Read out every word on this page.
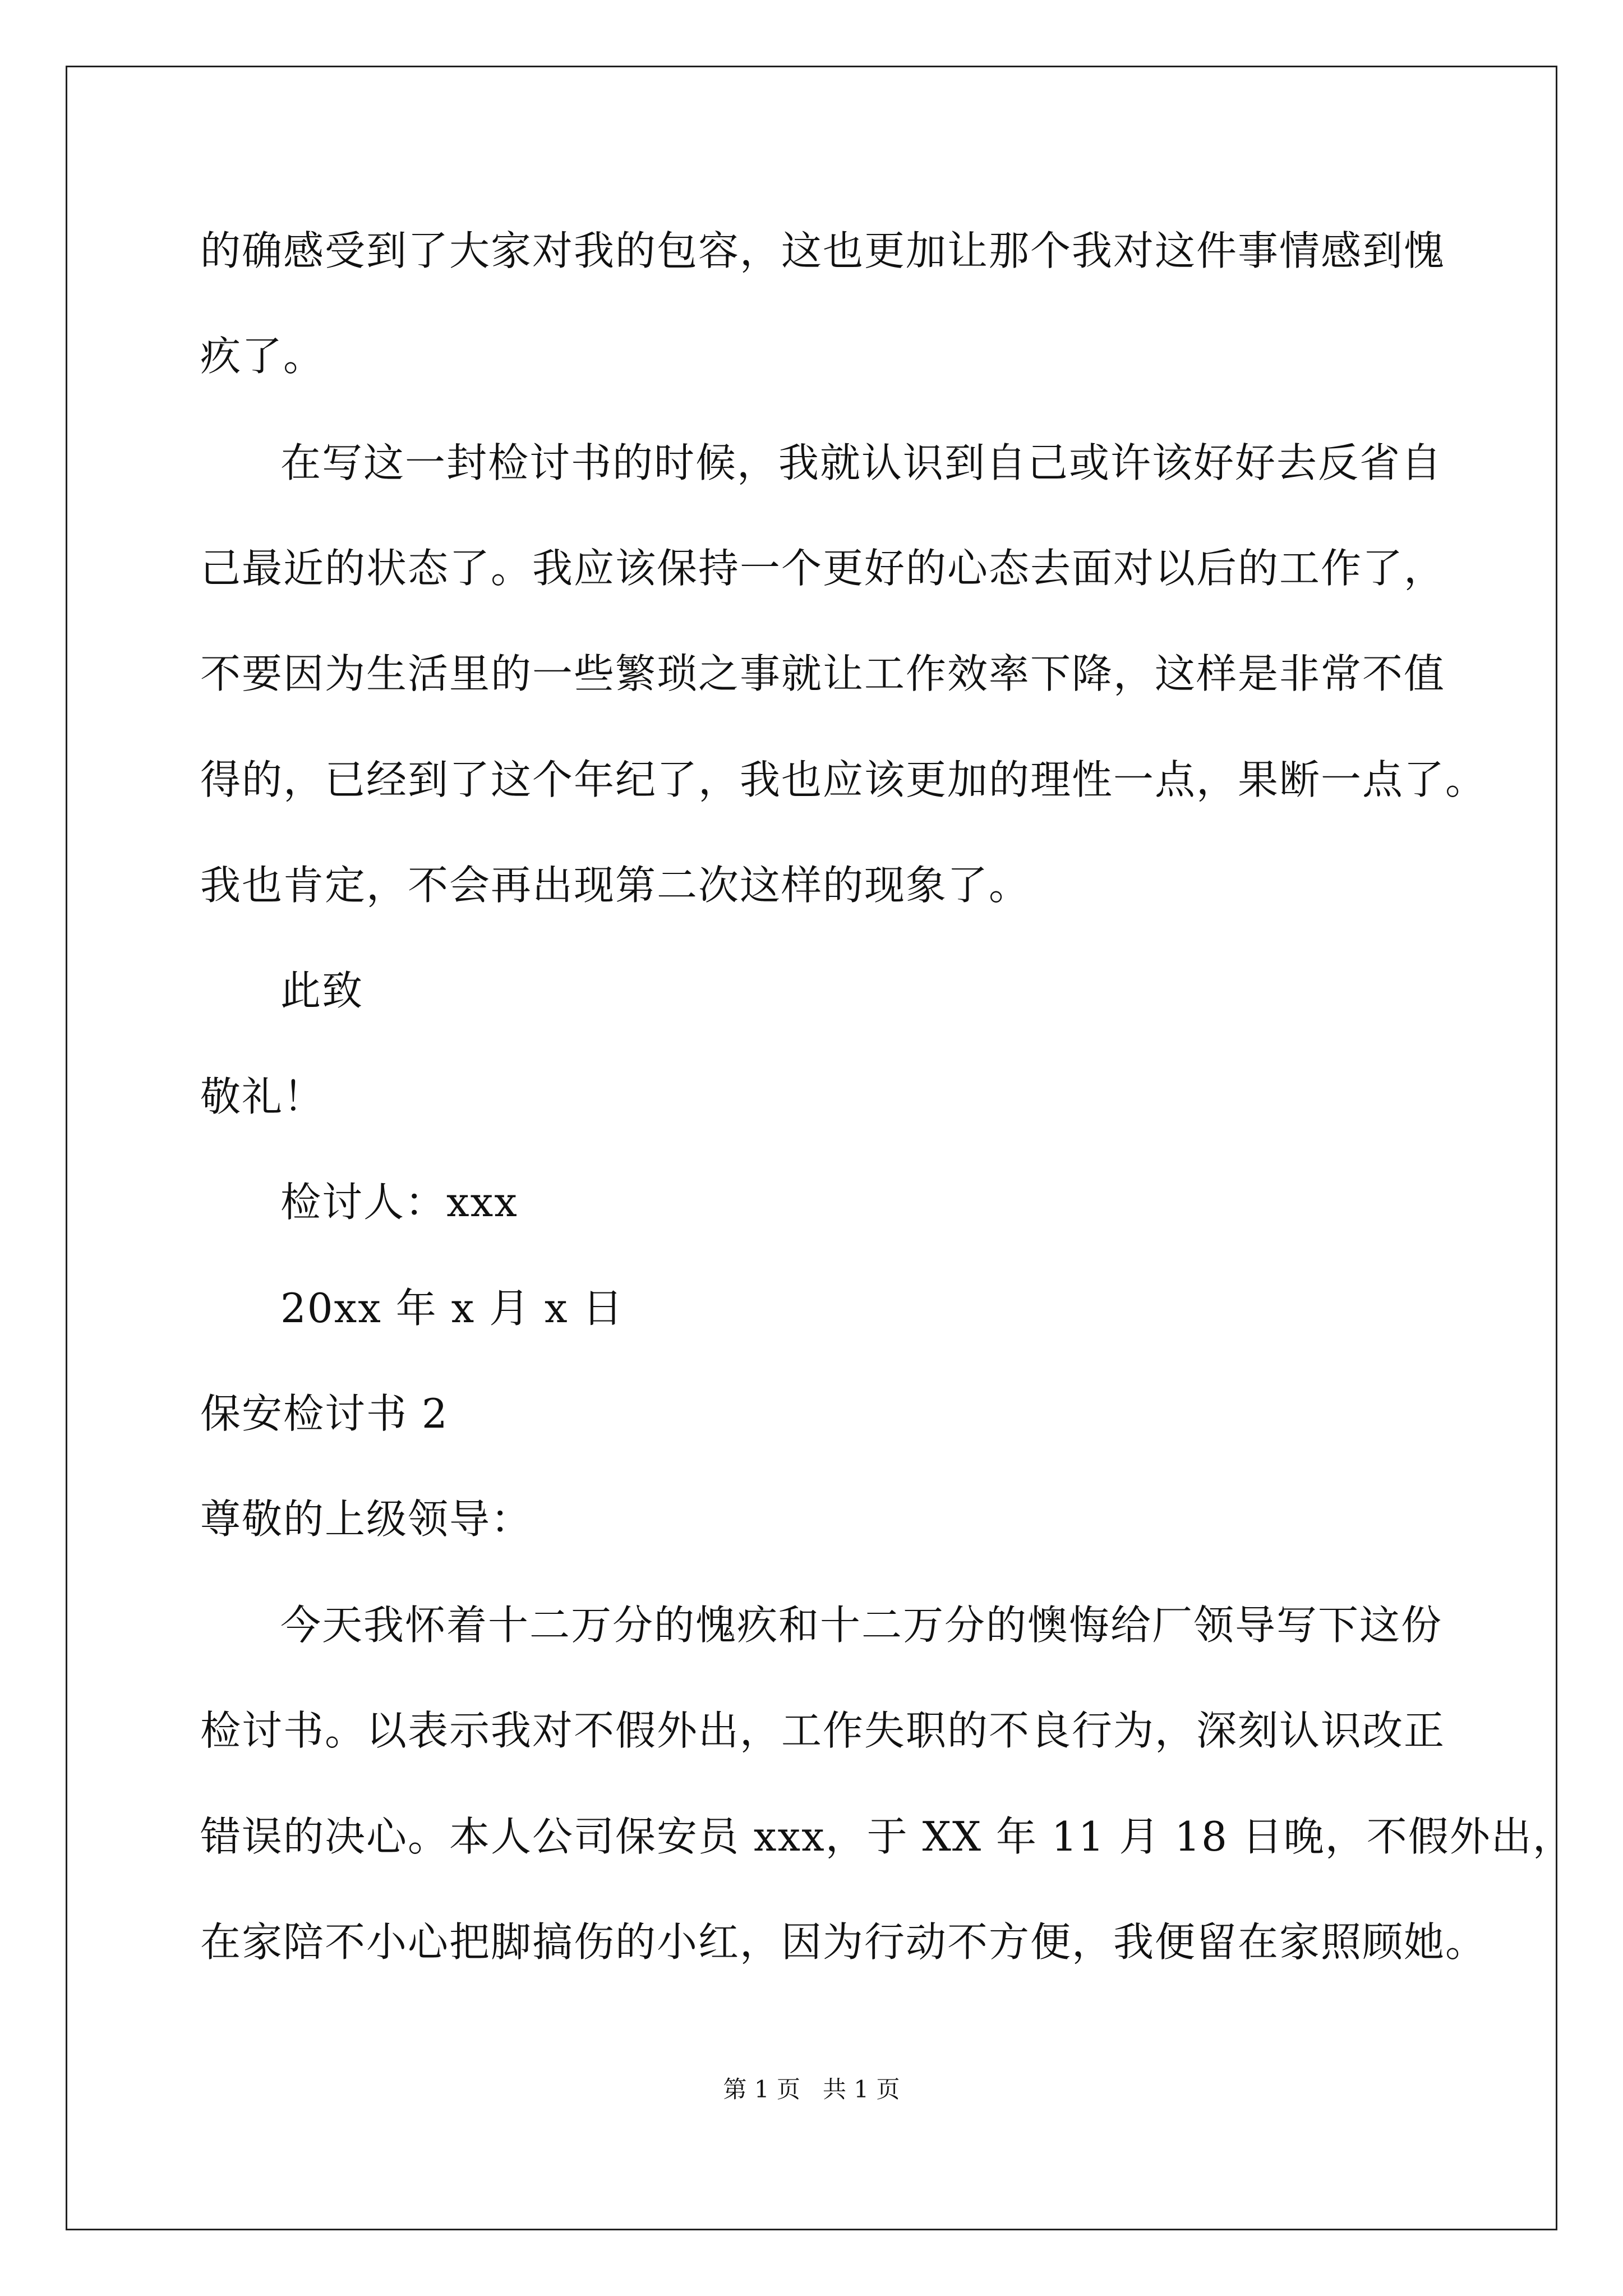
的确感受到了大家对我的包容，这也更加让那个我对这件事情感到愧
疚了。
在写这一封检讨书的时候，我就认识到自己或许该好好去反省自
己最近的状态了。我应该保持一个更好的心态去面对以后的工作了，
不要因为生活里的一些繁琐之事就让工作效率下降，这样是非常不值
得的，已经到了这个年纪了，我也应该更加的理性一点，果断一点了。
我也肯定，不会再出现第二次这样的现象了。
此致
敬礼！
检讨人：xxx
20xx 年 x 月 x 日
保安检讨书 2
尊敬的上级领导：
今天我怀着十二万分的愧疚和十二万分的懊悔给厂领导写下这份
检讨书。以表示我对不假外出，工作失职的不良行为，深刻认识改正
错误的决心。本人公司保安员 xxx，于 XX 年 11 月 18 日晚，不假外出，
在家陪不小心把脚搞伤的小红，因为行动不方便，我便留在家照顾她。
第 1 页   共 1 页
